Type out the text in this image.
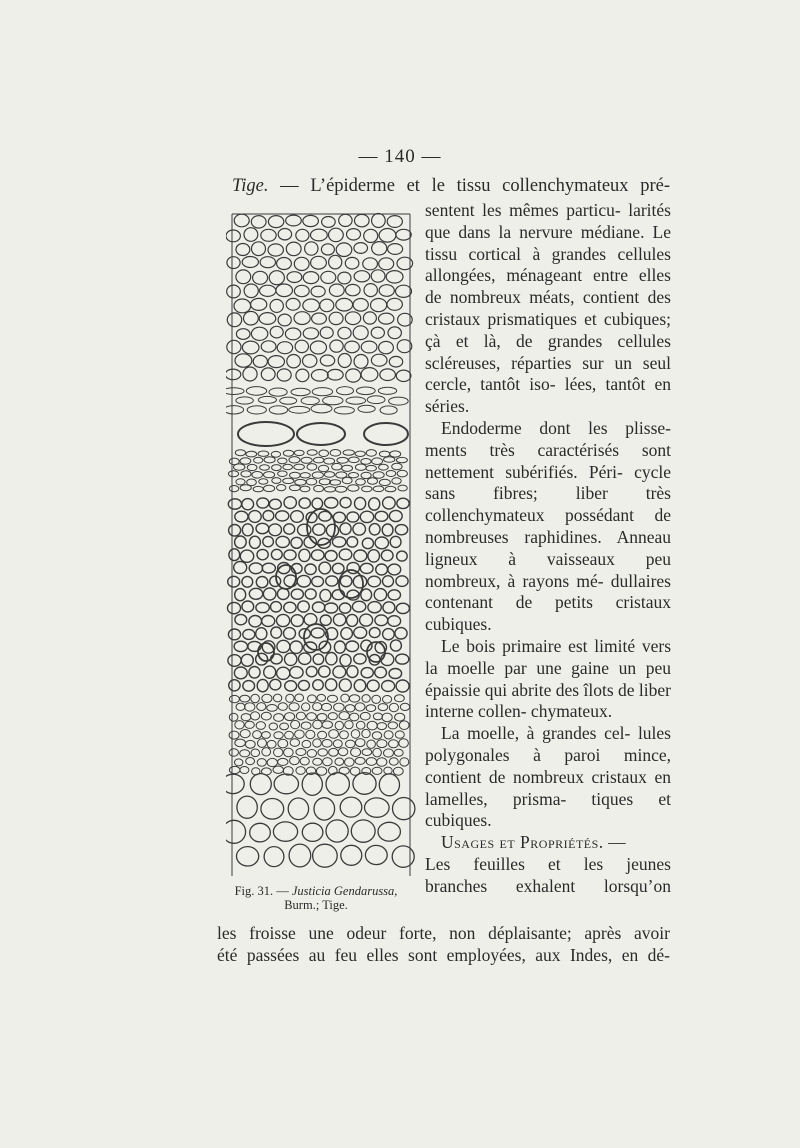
— 140 —
Tige. — L’épiderme et le tissu collenchymateux pré-
Fig. 31. — Justicia Gendarussa,
Burm.; Tige.

sentent les mêmes particu- larités que dans la nervure médiane. Le tissu cortical à grandes cellules allongées, ménageant entre elles de nombreux méats, contient des cristaux prismatiques et cubiques; çà et là, de grandes cellules scléreuses, réparties sur un seul cercle, tantôt iso- lées, tantôt en séries.

Endoderme dont les plisse- ments très caractérisés sont nettement subérifiés. Péri- cycle sans fibres; liber très collenchymateux possédant de nombreuses raphidines. Anneau ligneux à vaisseaux peu nombreux, à rayons mé- dullaires contenant de petits cristaux cubiques.

Le bois primaire est limité vers la moelle par une gaine un peu épaissie qui abrite des îlots de liber interne collen- chymateux.

La moelle, à grandes cel- lules polygonales à paroi mince, contient de nombreux cristaux en lamelles, prisma- tiques et cubiques.

Usages et Propriétés. —

Les feuilles et les jeunes

branches exhalent lorsqu’on

les froisse une odeur forte, non déplaisante; après avoir
été passées au feu elles sont employées, aux Indes, en dé-
